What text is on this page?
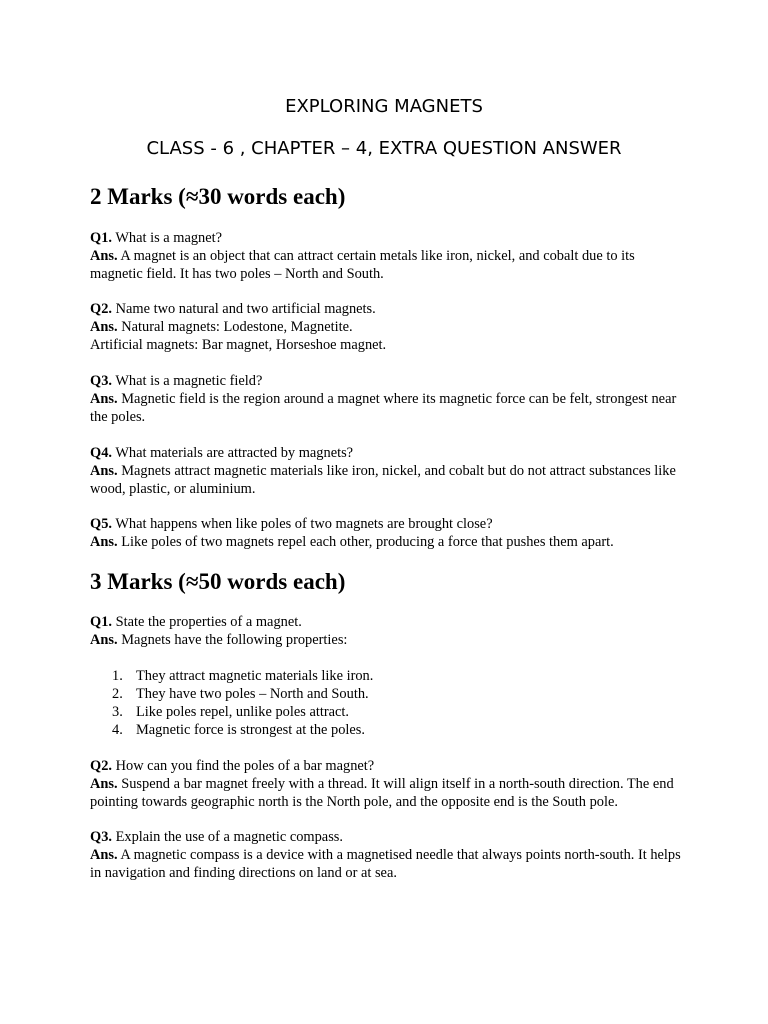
EXPLORING MAGNETS
CLASS - 6 , CHAPTER – 4, EXTRA QUESTION ANSWER
2 Marks (≈30 words each)

Q1. What is a magnet?

Ans. A magnet is an object that can attract certain metals like iron, nickel, and cobalt due to its magnetic field. It has two poles – North and South.

Q2. Name two natural and two artificial magnets.

Ans. Natural magnets: Lodestone, Magnetite.

Artificial magnets: Bar magnet, Horseshoe magnet.

Q3. What is a magnetic field?

Ans. Magnetic field is the region around a magnet where its magnetic force can be felt, strongest near the poles.

Q4. What materials are attracted by magnets?

Ans. Magnets attract magnetic materials like iron, nickel, and cobalt but do not attract substances like wood, plastic, or aluminium.

Q5. What happens when like poles of two magnets are brought close?

Ans. Like poles of two magnets repel each other, producing a force that pushes them apart.

3 Marks (≈50 words each)

Q1. State the properties of a magnet.

Ans. Magnets have the following properties:

1. They attract magnetic materials like iron.
2. They have two poles – North and South.
3. Like poles repel, unlike poles attract.
4. Magnetic force is strongest at the poles.

Q2. How can you find the poles of a bar magnet?

Ans. Suspend a bar magnet freely with a thread. It will align itself in a north-south direction. The end pointing towards geographic north is the North pole, and the opposite end is the South pole.

Q3. Explain the use of a magnetic compass.

Ans. A magnetic compass is a device with a magnetised needle that always points north-south. It helps in navigation and finding directions on land or at sea.
